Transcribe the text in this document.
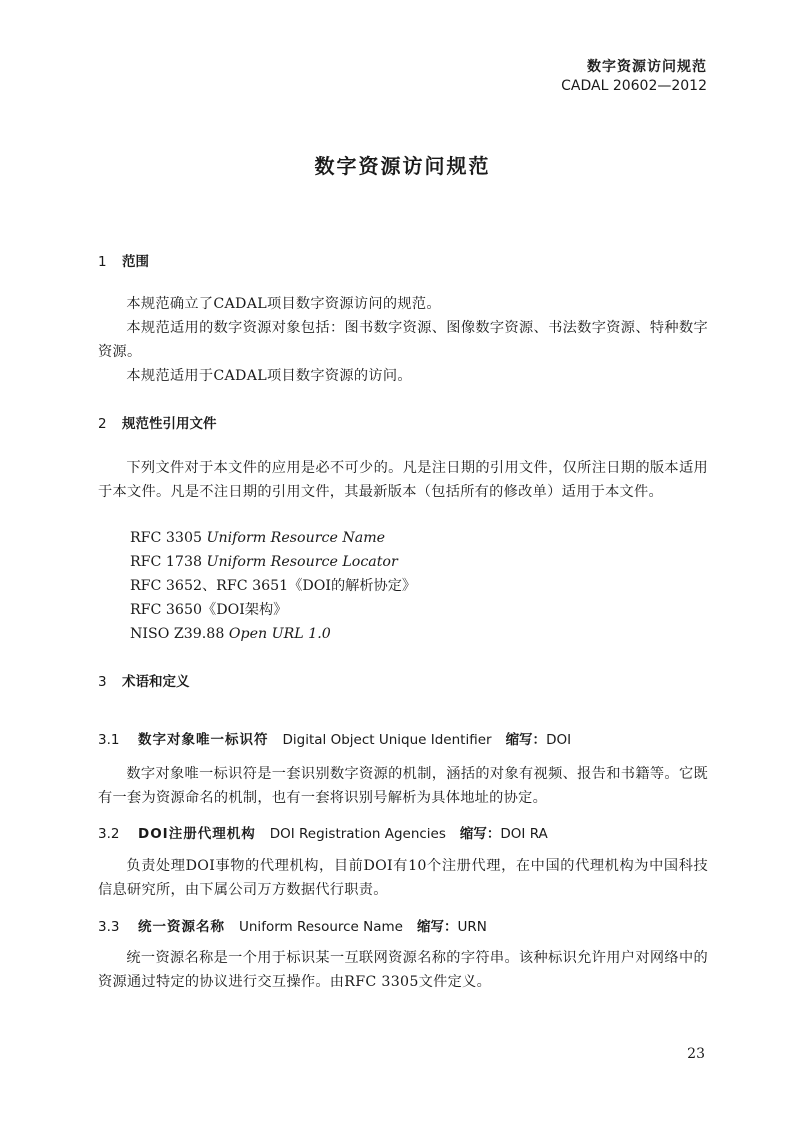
数字资源访问规范
CADAL 20602—2012
数字资源访问规范
1 范围

本规范确立了CADAL项目数字资源访问的规范。

本规范适用的数字资源对象包括：图书数字资源、图像数字资源、书法数字资源、特种数字资源。

本规范适用于CADAL项目数字资源的访问。

2 规范性引用文件

下列文件对于本文件的应用是必不可少的。凡是注日期的引用文件，仅所注日期的版本适用于本文件。凡是不注日期的引用文件，其最新版本（包括所有的修改单）适用于本文件。

RFC 3305 Uniform Resource Name
RFC 1738 Uniform Resource Locator
RFC 3652、RFC 3651《DOI的解析协定》
RFC 3650《DOI架构》
NISO Z39.88 Open URL 1.0
3 术语和定义
3.1 数字对象唯一标识符 Digital Object Unique Identifier 缩写：DOI

数字对象唯一标识符是一套识别数字资源的机制，涵括的对象有视频、报告和书籍等。它既有一套为资源命名的机制，也有一套将识别号解析为具体地址的协定。

3.2 DOI注册代理机构 DOI Registration Agencies 缩写：DOI RA

负责处理DOI事物的代理机构，目前DOI有10个注册代理，在中国的代理机构为中国科技信息研究所，由下属公司万方数据代行职责。

3.3 统一资源名称 Uniform Resource Name 缩写：URN

统一资源名称是一个用于标识某一互联网资源名称的字符串。该种标识允许用户对网络中的资源通过特定的协议进行交互操作。由RFC 3305文件定义。

23
